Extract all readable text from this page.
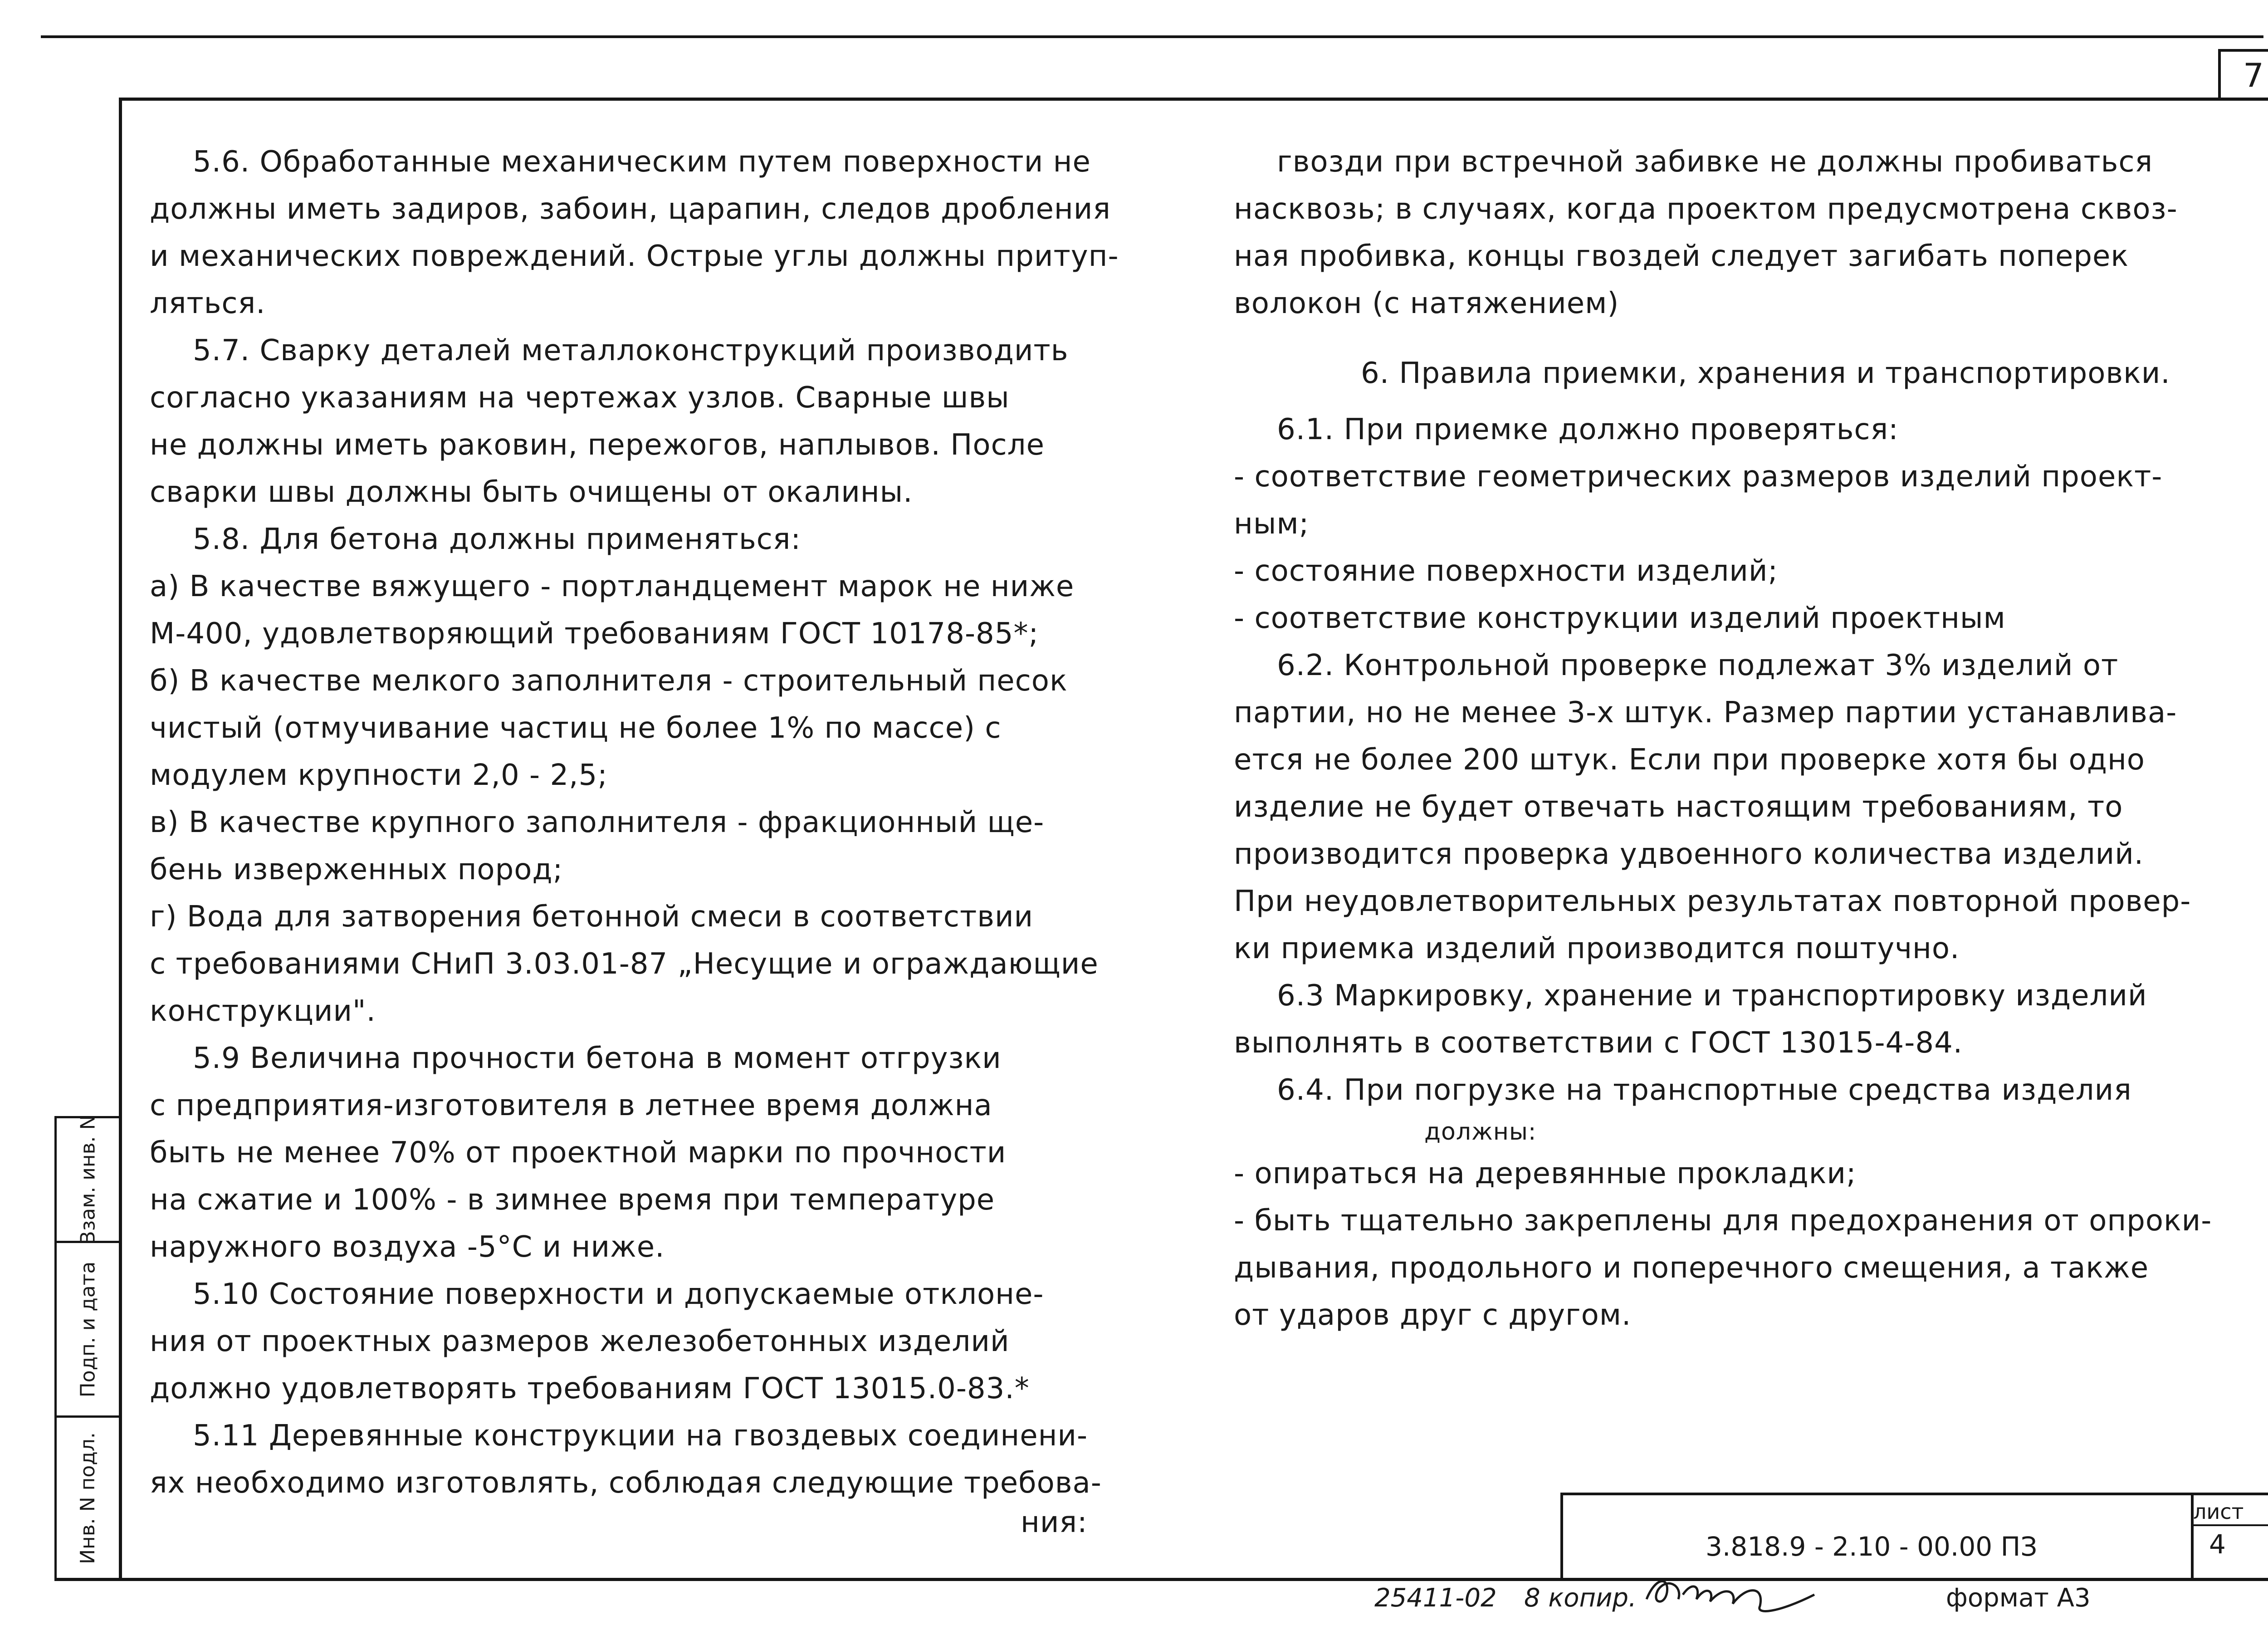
7
Инв. N подл.
Подп. и дата
Взам. инв. N

5.6. Обработанные механическим путем поверхности не

должны иметь задиров, забоин, царапин, следов дробления

и механических повреждений. Острые углы должны притуп-

ляться.

5.7. Сварку деталей металлоконструкций производить

согласно указаниям на чертежах узлов. Сварные швы

не должны иметь раковин, пережогов, наплывов. После

сварки швы должны быть очищены от окалины.

5.8. Для бетона должны применяться:

а) В качестве вяжущего - портландцемент марок не ниже

М-400, удовлетворяющий требованиям ГОСТ 10178-85*;

б) В качестве мелкого заполнителя - строительный песок

чистый (отмучивание частиц не более 1% по массе) с

модулем крупности 2,0 - 2,5;

в) В качестве крупного заполнителя - фракционный ще-

бень изверженных пород;

г) Вода для затворения бетонной смеси в соответствии

с требованиями СНиП 3.03.01-87 „Несущие и ограждающие

конструкции".

5.9 Величина прочности бетона в момент отгрузки

с предприятия-изготовителя в летнее время должна

быть не менее 70% от проектной марки по прочности

на сжатие и 100% - в зимнее время при температуре

наружного воздуха -5°С и ниже.

5.10 Состояние поверхности и допускаемые отклоне-

ния от проектных размеров железобетонных изделий

должно удовлетворять требованиям ГОСТ 13015.0-83.*

5.11 Деревянные конструкции на гвоздевых соединени-

ях необходимо изготовлять, соблюдая следующие требова-

ния:

гвозди при встречной забивке не должны пробиваться

насквозь; в случаях, когда проектом предусмотрена сквоз-

ная пробивка, концы гвоздей следует загибать поперек

волокон (с натяжением)

6. Правила приемки, хранения и транспортировки.

6.1. При приемке должно проверяться:

- соответствие геометрических размеров изделий проект-

ным;

- состояние поверхности изделий;

- соответствие конструкции изделий проектным

6.2. Контрольной проверке подлежат 3% изделий от

партии, но не менее 3-х штук. Размер партии устанавлива-

ется не более 200 штук. Если при проверке хотя бы одно

изделие не будет отвечать настоящим требованиям, то

производится проверка удвоенного количества изделий.

При неудовлетворительных результатах повторной провер-

ки приемка изделий производится поштучно.

6.3 Маркировку, хранение и транспортировку изделий

выполнять в соответствии с ГОСТ 13015-4-84.

6.4. При погрузке на транспортные средства изделия

должны:

- опираться на деревянные прокладки;

- быть тщательно закреплены для предохранения от опроки-

дывания, продольного и поперечного смещения, а также

от ударов друг с другом.

3.818.9 - 2.10 - 00.00 ПЗ
лист
4
25411-02 8 копир.	формат А3
